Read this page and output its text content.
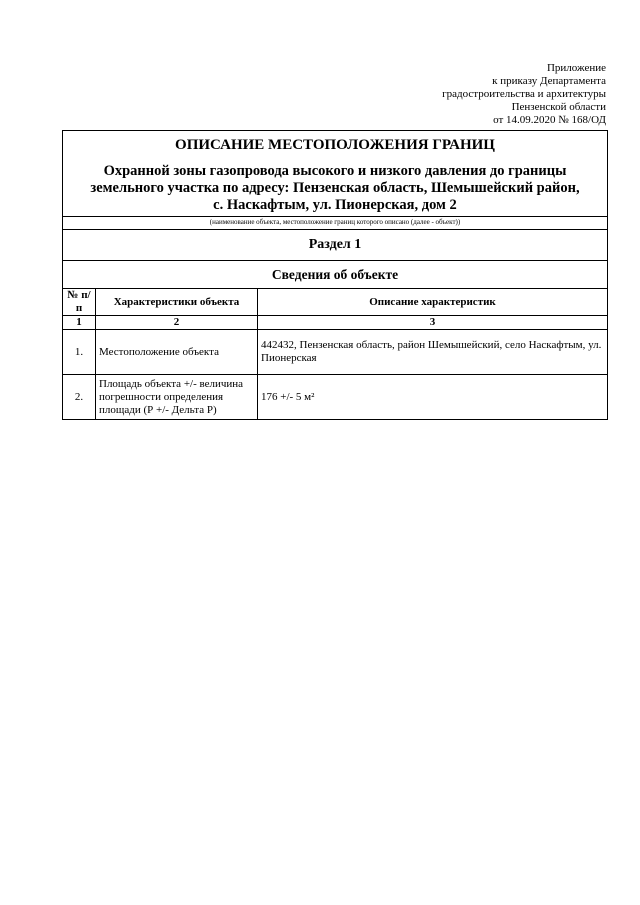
Приложение
к приказу Департамента
градостроительства и архитектуры
Пензенской области
от 14.09.2020 № 168/ОД
ОПИСАНИЕ МЕСТОПОЛОЖЕНИЯ ГРАНИЦ
Охранной зоны газопровода высокого и низкого давления до границы
земельного участка по адресу: Пензенская область, Шемышейский район,
с. Наскафтым, ул. Пионерская, дом 2
(наименование объекта, местоположение границ которого описано (далее - объект))
Раздел 1
Сведения об объекте
№ п/п	Характеристики объекта	Описание характеристик
1	2	3
1.	Местоположение объекта	442432, Пензенская область, район Шемышейский, село Наскафтым, ул. Пионерская
2.	Площадь объекта +/- величина погрешности определения площади (Р +/- Дельта Р)	176 +/- 5 м²
